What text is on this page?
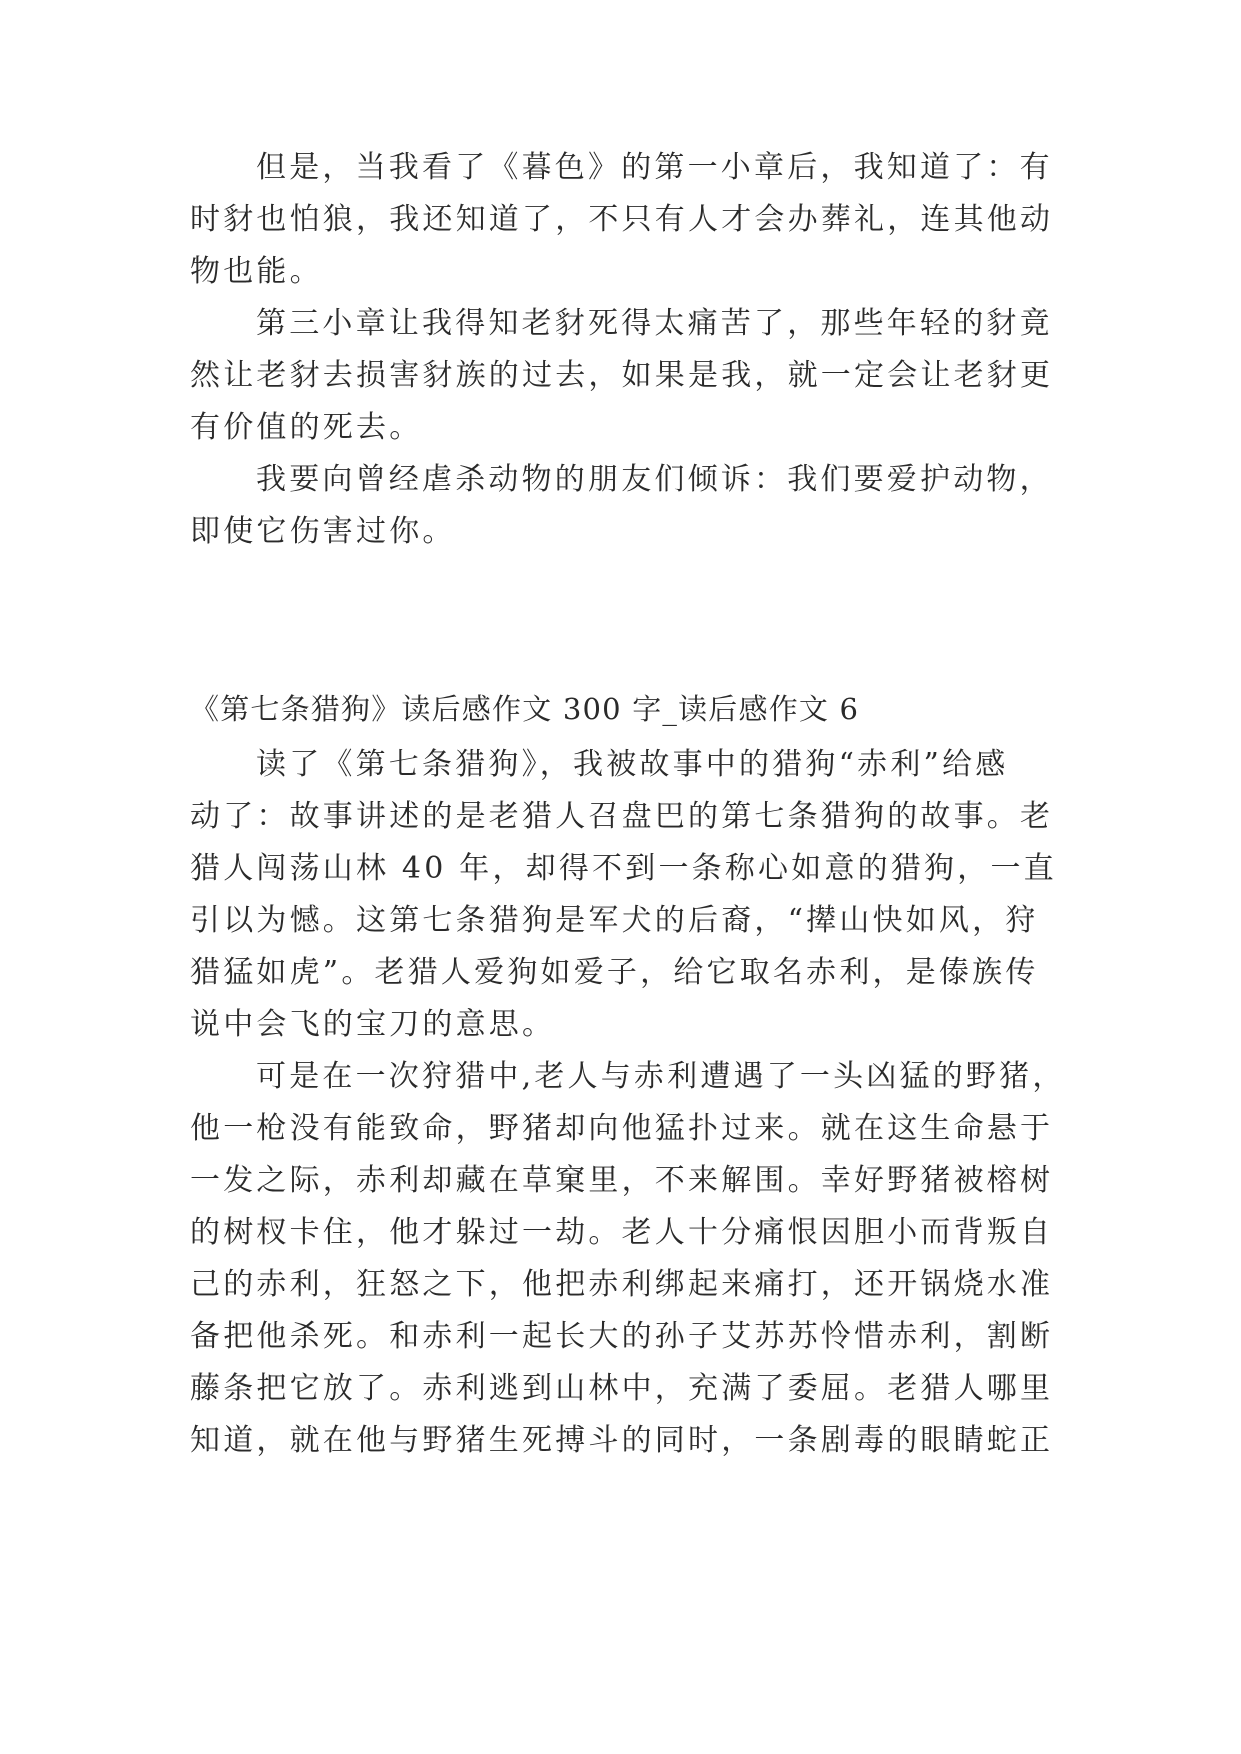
但是，当我看了《暮色》的第一小章后，我知道了：有
时豺也怕狼，我还知道了，不只有人才会办葬礼，连其他动
物也能。
第三小章让我得知老豺死得太痛苦了，那些年轻的豺竟
然让老豺去损害豺族的过去，如果是我，就一定会让老豺更
有价值的死去。
我要向曾经虐杀动物的朋友们倾诉：我们要爱护动物，
即使它伤害过你。
《第七条猎狗》读后感作文 300 字_读后感作文 6
读了《第七条猎狗》，我被故事中的猎狗“赤利”给感
动了：故事讲述的是老猎人召盘巴的第七条猎狗的故事。老
猎人闯荡山林 40 年，却得不到一条称心如意的猎狗，一直
引以为憾。这第七条猎狗是军犬的后裔，“撵山快如风，狩
猎猛如虎”。老猎人爱狗如爱子，给它取名赤利，是傣族传
说中会飞的宝刀的意思。
可是在一次狩猎中,老人与赤利遭遇了一头凶猛的野猪，
他一枪没有能致命，野猪却向他猛扑过来。就在这生命悬于
一发之际，赤利却藏在草窠里，不来解围。幸好野猪被榕树
的树杈卡住，他才躲过一劫。老人十分痛恨因胆小而背叛自
己的赤利，狂怒之下，他把赤利绑起来痛打，还开锅烧水准
备把他杀死。和赤利一起长大的孙子艾苏苏怜惜赤利，割断
藤条把它放了。赤利逃到山林中，充满了委屈。老猎人哪里
知道，就在他与野猪生死搏斗的同时，一条剧毒的眼睛蛇正
